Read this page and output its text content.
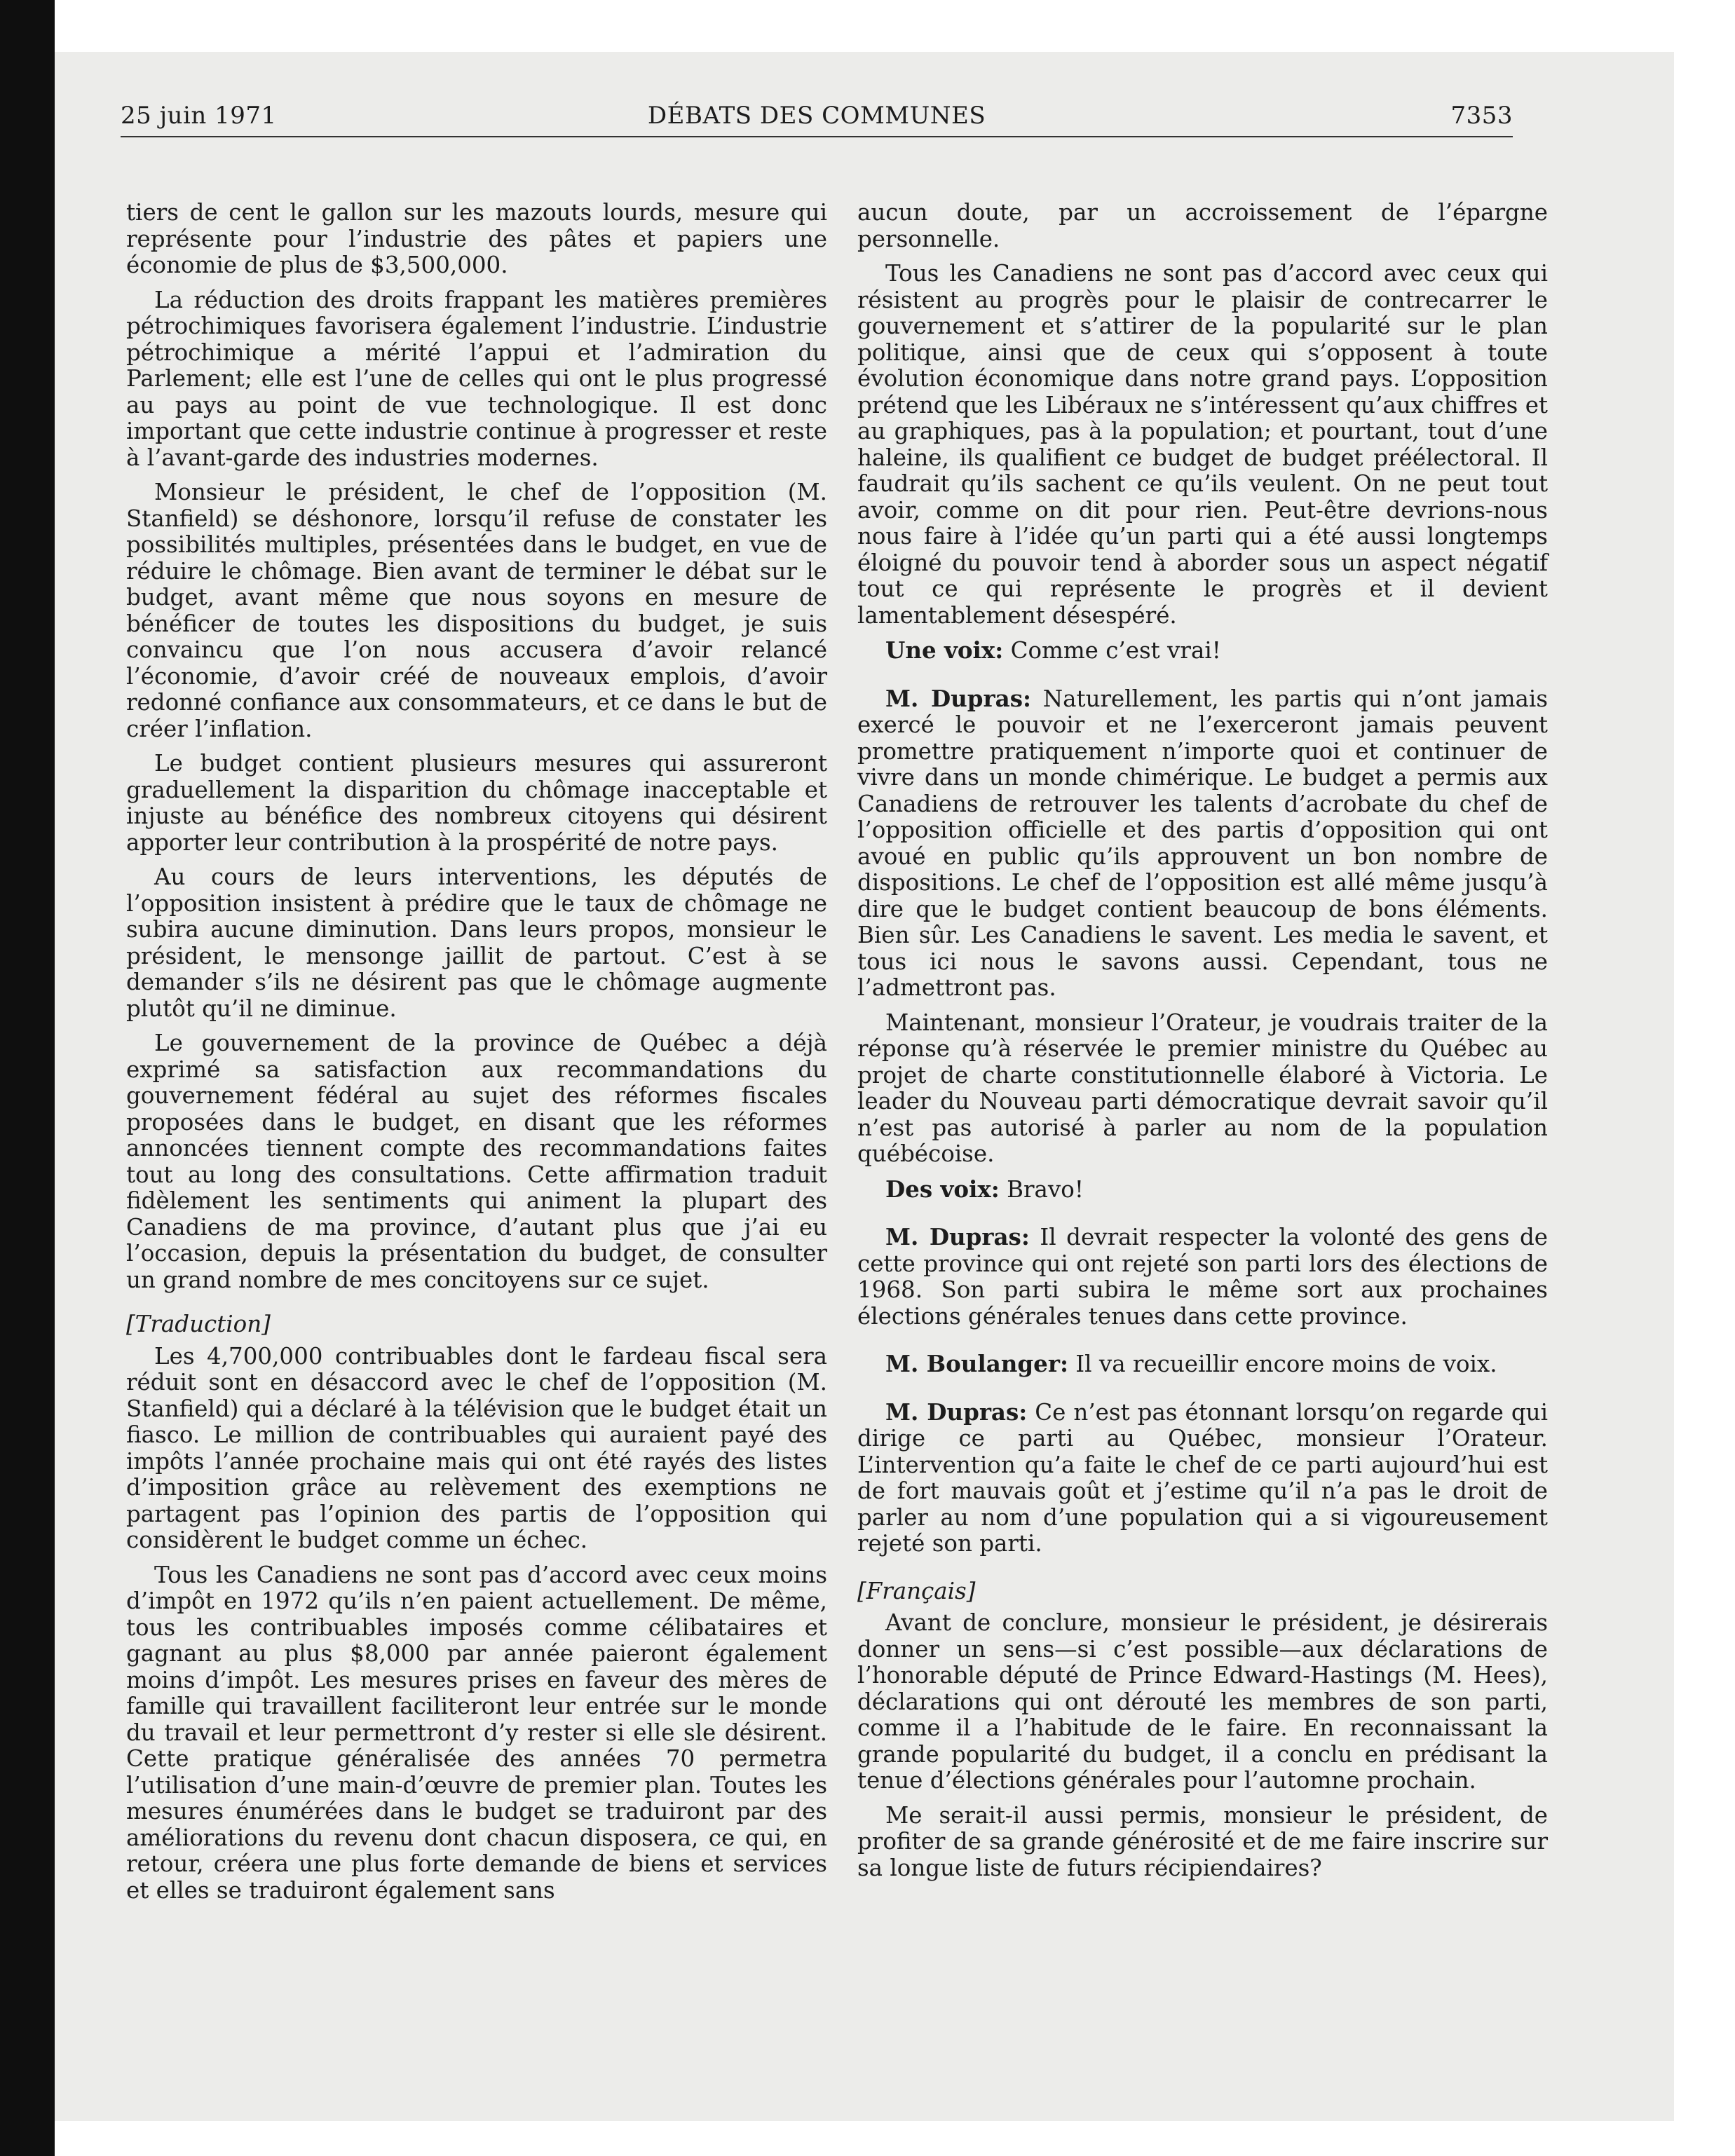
25 juin 1971	DÉBATS DES COMMUNES	7353

tiers de cent le gallon sur les mazouts lourds, mesure qui représente pour l’industrie des pâtes et papiers une économie de plus de $3,500,000.

La réduction des droits frappant les matières premières pétrochimiques favorisera également l’industrie. L’industrie pétrochimique a mérité l’appui et l’admiration du Parlement; elle est l’une de celles qui ont le plus progressé au pays au point de vue technologique. Il est donc important que cette industrie continue à progresser et reste à l’avant-garde des industries modernes.

Monsieur le président, le chef de l’opposition (M. Stanfield) se déshonore, lorsqu’il refuse de constater les possibilités multiples, présentées dans le budget, en vue de réduire le chômage. Bien avant de terminer le débat sur le budget, avant même que nous soyons en mesure de bénéficer de toutes les dispositions du budget, je suis convaincu que l’on nous accusera d’avoir relancé l’économie, d’avoir créé de nouveaux emplois, d’avoir redonné confiance aux consommateurs, et ce dans le but de créer l’inflation.

Le budget contient plusieurs mesures qui assureront graduellement la disparition du chômage inacceptable et injuste au bénéfice des nombreux citoyens qui désirent apporter leur contribution à la prospérité de notre pays.

Au cours de leurs interventions, les députés de l’opposition insistent à prédire que le taux de chômage ne subira aucune diminution. Dans leurs propos, monsieur le président, le mensonge jaillit de partout. C’est à se demander s’ils ne désirent pas que le chômage augmente plutôt qu’il ne diminue.

Le gouvernement de la province de Québec a déjà exprimé sa satisfaction aux recommandations du gouvernement fédéral au sujet des réformes fiscales proposées dans le budget, en disant que les réformes annoncées tiennent compte des recommandations faites tout au long des consultations. Cette affirmation traduit fidèlement les sentiments qui animent la plupart des Canadiens de ma province, d’autant plus que j’ai eu l’occasion, depuis la présentation du budget, de consulter un grand nombre de mes concitoyens sur ce sujet.

[Traduction]

Les 4,700,000 contribuables dont le fardeau fiscal sera réduit sont en désaccord avec le chef de l’opposition (M. Stanfield) qui a déclaré à la télévision que le budget était un fiasco. Le million de contribuables qui auraient payé des impôts l’année prochaine mais qui ont été rayés des listes d’imposition grâce au relèvement des exemptions ne partagent pas l’opinion des partis de l’opposition qui considèrent le budget comme un échec.

Tous les Canadiens ne sont pas d’accord avec ceux moins d’impôt en 1972 qu’ils n’en paient actuellement. De même, tous les contribuables imposés comme célibataires et gagnant au plus $8,000 par année paieront également moins d’impôt. Les mesures prises en faveur des mères de famille qui travaillent faciliteront leur entrée sur le monde du travail et leur permettront d’y rester si elle sle désirent. Cette pratique généralisée des années 70 permetra l’utilisation d’une main-d’œuvre de premier plan. Toutes les mesures énumérées dans le budget se traduiront par des améliorations du revenu dont chacun disposera, ce qui, en retour, créera une plus forte demande de biens et services et elles se traduiront également sans

aucun doute, par un accroissement de l’épargne personnelle.

Tous les Canadiens ne sont pas d’accord avec ceux qui résistent au progrès pour le plaisir de contrecarrer le gouvernement et s’attirer de la popularité sur le plan politique, ainsi que de ceux qui s’opposent à toute évolution économique dans notre grand pays. L’opposition prétend que les Libéraux ne s’intéressent qu’aux chiffres et au graphiques, pas à la population; et pourtant, tout d’une haleine, ils qualifient ce budget de budget préélectoral. Il faudrait qu’ils sachent ce qu’ils veulent. On ne peut tout avoir, comme on dit pour rien. Peut-être devrions-nous nous faire à l’idée qu’un parti qui a été aussi longtemps éloigné du pouvoir tend à aborder sous un aspect négatif tout ce qui représente le progrès et il devient lamentablement désespéré.

Une voix: Comme c’est vrai!

M. Dupras: Naturellement, les partis qui n’ont jamais exercé le pouvoir et ne l’exerceront jamais peuvent promettre pratiquement n’importe quoi et continuer de vivre dans un monde chimérique. Le budget a permis aux Canadiens de retrouver les talents d’acrobate du chef de l’opposition officielle et des partis d’opposition qui ont avoué en public qu’ils approuvent un bon nombre de dispositions. Le chef de l’opposition est allé même jusqu’à dire que le budget contient beaucoup de bons éléments. Bien sûr. Les Canadiens le savent. Les media le savent, et tous ici nous le savons aussi. Cependant, tous ne l’admettront pas.

Maintenant, monsieur l’Orateur, je voudrais traiter de la réponse qu’à réservée le premier ministre du Québec au projet de charte constitutionnelle élaboré à Victoria. Le leader du Nouveau parti démocratique devrait savoir qu’il n’est pas autorisé à parler au nom de la population québécoise.

Des voix: Bravo!

M. Dupras: Il devrait respecter la volonté des gens de cette province qui ont rejeté son parti lors des élections de 1968. Son parti subira le même sort aux prochaines élections générales tenues dans cette province.

M. Boulanger: Il va recueillir encore moins de voix.

M. Dupras: Ce n’est pas étonnant lorsqu’on regarde qui dirige ce parti au Québec, monsieur l’Orateur. L’intervention qu’a faite le chef de ce parti aujourd’hui est de fort mauvais goût et j’estime qu’il n’a pas le droit de parler au nom d’une population qui a si vigoureusement rejeté son parti.

[Français]

Avant de conclure, monsieur le président, je désirerais donner un sens—si c’est possible—aux déclarations de l’honorable député de Prince Edward-Hastings (M. Hees), déclarations qui ont dérouté les membres de son parti, comme il a l’habitude de le faire. En reconnaissant la grande popularité du budget, il a conclu en prédisant la tenue d’élections générales pour l’automne prochain.

Me serait-il aussi permis, monsieur le président, de profiter de sa grande générosité et de me faire inscrire sur sa longue liste de futurs récipiendaires?
